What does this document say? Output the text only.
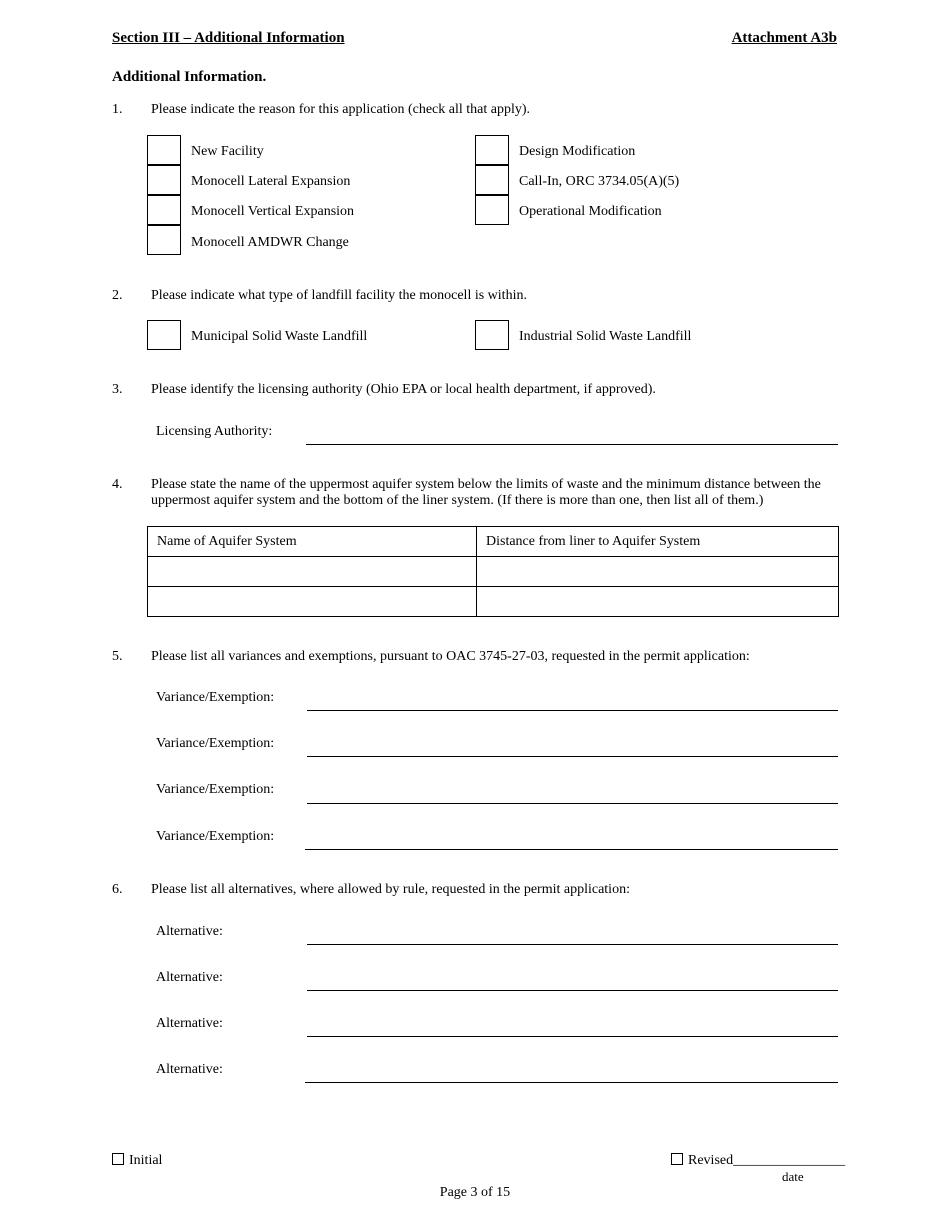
Section III – Additional Information	Attachment A3b
Additional Information.
1. Please indicate the reason for this application (check all that apply).
New Facility
Monocell Lateral Expansion
Monocell Vertical Expansion
Monocell AMDWR Change
Design Modification
Call-In, ORC 3734.05(A)(5)
Operational Modification
2. Please indicate what type of landfill facility the monocell is within.
Municipal Solid Waste Landfill	Industrial Solid Waste Landfill
3. Please identify the licensing authority (Ohio EPA or local health department, if approved).
Licensing Authority:
4. Please state the name of the uppermost aquifer system below the limits of waste and the minimum distance between the
uppermost aquifer system and the bottom of the liner system. (If there is more than one, then list all of them.)
Name of Aquifer System	Distance from liner to Aquifer System

5. Please list all variances and exemptions, pursuant to OAC 3745-27-03, requested in the permit application:
Variance/Exemption:
Variance/Exemption:
Variance/Exemption:
Variance/Exemption:
6. Please list all alternatives, where allowed by rule, requested in the permit application:
Alternative:
Alternative:
Alternative:
Alternative:
Initial	Revised________________
date
Page 3 of 15
